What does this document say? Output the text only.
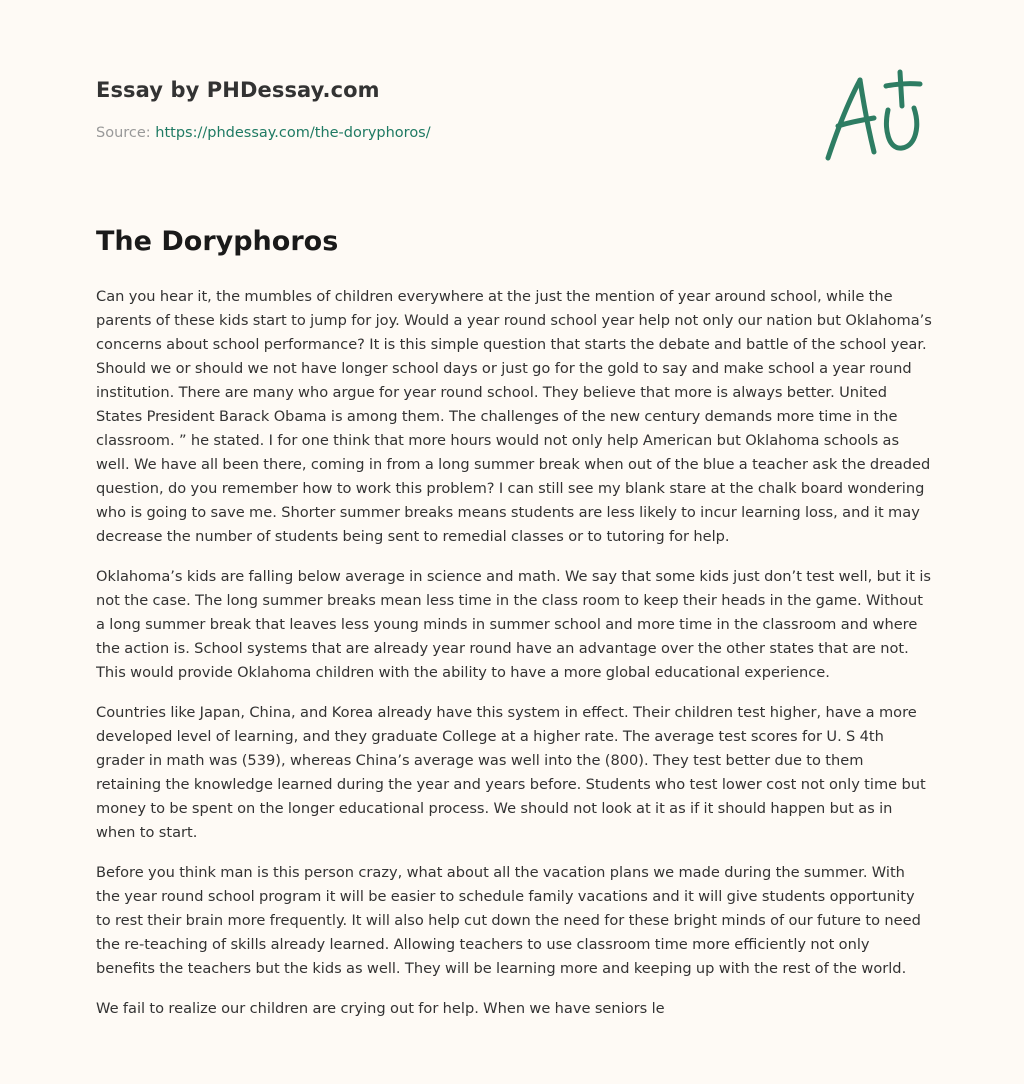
Essay by PHDessay.com

Source: https://phdessay.com/the-doryphoros/

The Doryphoros

Can you hear it, the mumbles of children everywhere at the just the mention of year around school, while the parents of these kids start to jump for joy. Would a year round school year help not only our nation but Oklahoma’s concerns about school performance? It is this simple question that starts the debate and battle of the school year. Should we or should we not have longer school days or just go for the gold to say and make school a year round institution. There are many who argue for year round school. They believe that more is always better. United States President Barack Obama is among them. The challenges of the new century demands more time in the classroom. ” he stated. I for one think that more hours would not only help American but Oklahoma schools as well. We have all been there, coming in from a long summer break when out of the blue a teacher ask the dreaded question, do you remember how to work this problem? I can still see my blank stare at the chalk board wondering who is going to save me. Shorter summer breaks means students are less likely to incur learning loss, and it may decrease the number of students being sent to remedial classes or to tutoring for help.

Oklahoma’s kids are falling below average in science and math. We say that some kids just don’t test well, but it is not the case. The long summer breaks mean less time in the class room to keep their heads in the game. Without a long summer break that leaves less young minds in summer school and more time in the classroom and where the action is. School systems that are already year round have an advantage over the other states that are not. This would provide Oklahoma children with the ability to have a more global educational experience.

Countries like Japan, China, and Korea already have this system in effect. Their children test higher, have a more developed level of learning, and they graduate College at a higher rate. The average test scores for U. S 4th grader in math was (539), whereas China’s average was well into the (800). They test better due to them retaining the knowledge learned during the year and years before. Students who test lower cost not only time but money to be spent on the longer educational process. We should not look at it as if it should happen but as in when to start.

Before you think man is this person crazy, what about all the vacation plans we made during the summer. With the year round school program it will be easier to schedule family vacations and it will give students opportunity to rest their brain more frequently. It will also help cut down the need for these bright minds of our future to need the re-teaching of skills already learned. Allowing teachers to use classroom time more efficiently not only benefits the teachers but the kids as well. They will be learning more and keeping up with the rest of the world.

We fail to realize our children are crying out for help. When we have seniors le
